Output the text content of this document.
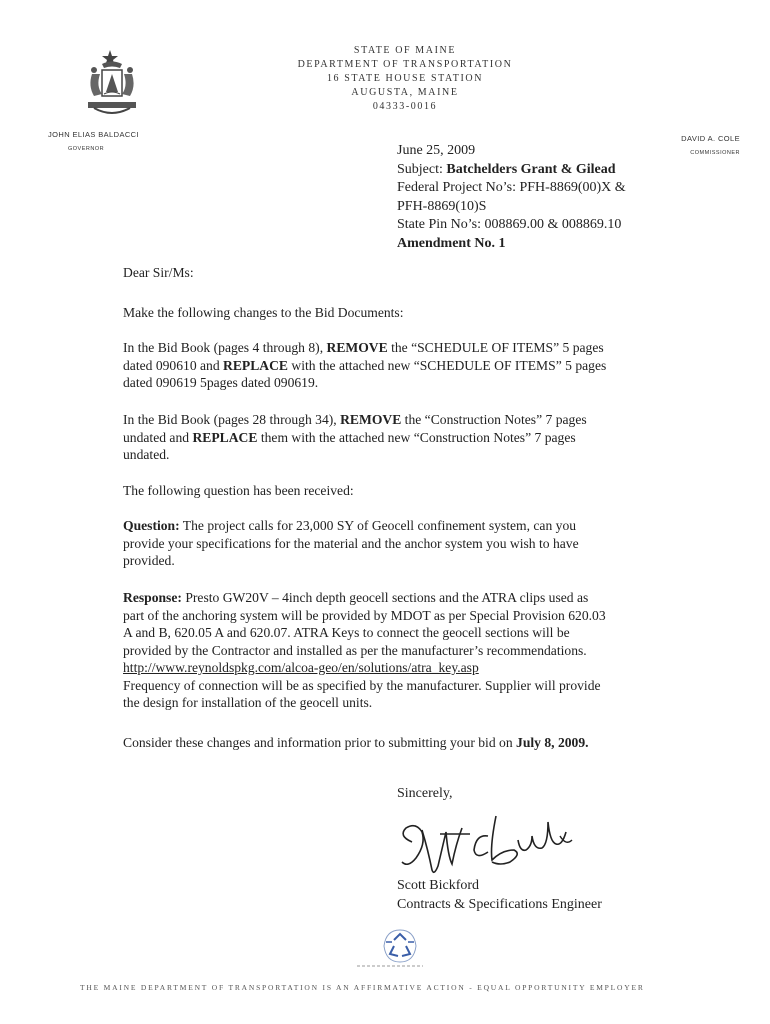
STATE OF MAINE
DEPARTMENT OF TRANSPORTATION
16 STATE HOUSE STATION
AUGUSTA, MAINE
04333-0016
JOHN ELIAS BALDACCI
GOVERNOR
DAVID A. COLE
COMMISSIONER
June 25, 2009
Subject: Batchelders Grant & Gilead
Federal Project No’s: PFH-8869(00)X &
PFH-8869(10)S
State Pin No’s: 008869.00 & 008869.10
Amendment No. 1
Dear Sir/Ms:
Make the following changes to the Bid Documents:
In the Bid Book (pages 4 through 8), REMOVE the “SCHEDULE OF ITEMS” 5 pages
dated 090610 and REPLACE with the attached new “SCHEDULE OF ITEMS” 5 pages
dated 090619 5pages dated 090619.
In the Bid Book (pages 28 through 34), REMOVE the “Construction Notes” 7 pages
undated and REPLACE them with the attached new “Construction Notes” 7 pages
undated.
The following question has been received:
Question: The project calls for 23,000 SY of Geocell confinement system, can you
provide your specifications for the material and the anchor system you wish to have
provided.
Response: Presto GW20V – 4inch depth geocell sections and the ATRA clips used as
part of the anchoring system will be provided by MDOT as per Special Provision 620.03
A and B, 620.05 A and 620.07. ATRA Keys to connect the geocell sections will be
provided by the Contractor and installed as per the manufacturer’s recommendations.
http://www.reynoldspkg.com/alcoa-geo/en/solutions/atra_key.asp
Frequency of connection will be as specified by the manufacturer. Supplier will provide
the design for installation of the geocell units.
Consider these changes and information prior to submitting your bid on July 8, 2009.
Sincerely,
Scott Bickford
Contracts & Specifications Engineer
THE MAINE DEPARTMENT OF TRANSPORTATION IS AN AFFIRMATIVE ACTION - EQUAL OPPORTUNITY EMPLOYER
